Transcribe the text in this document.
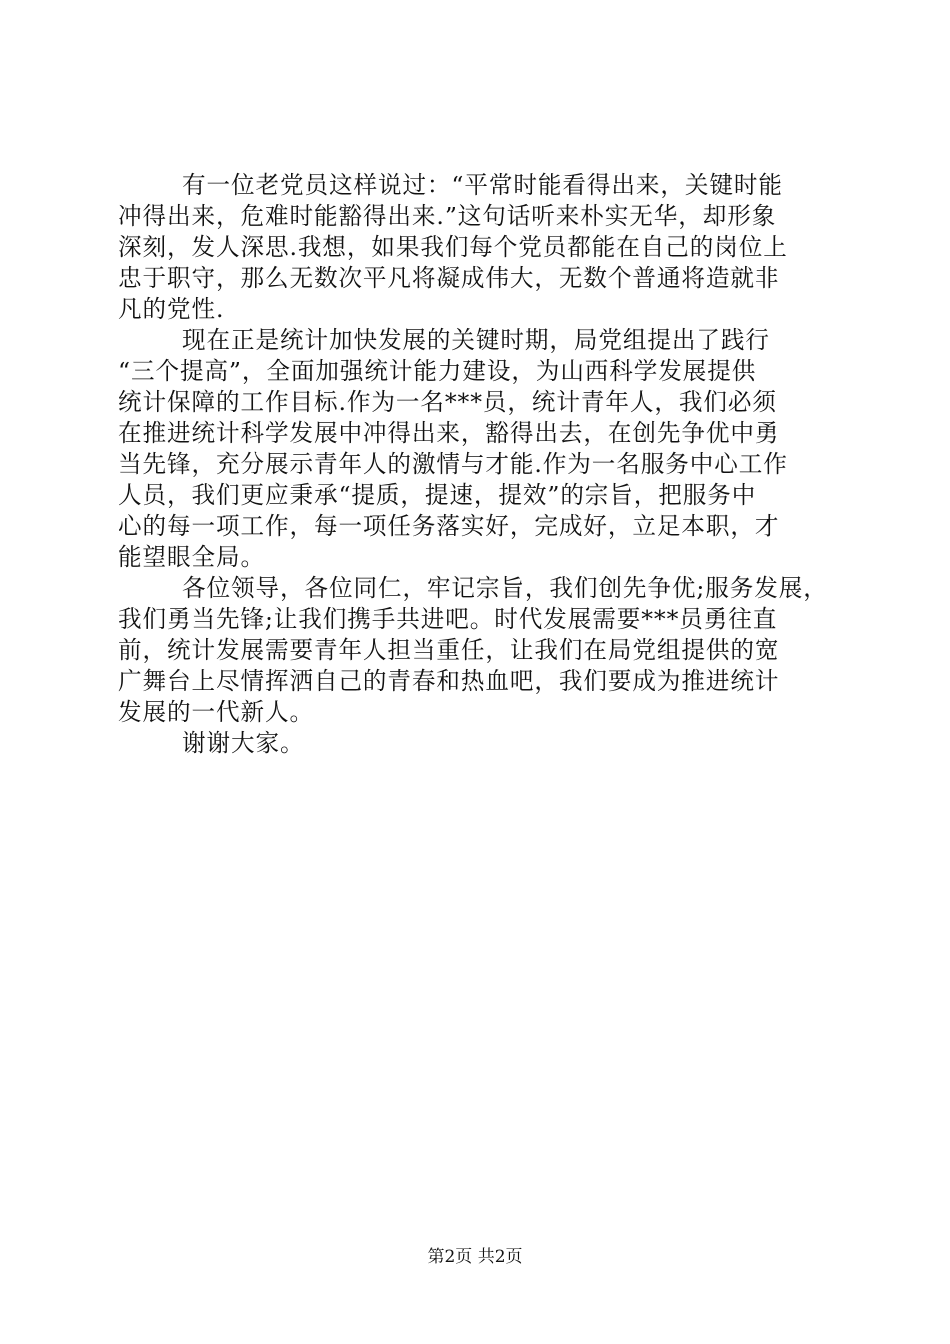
有一位老党员这样说过：“平常时能看得出来，关键时能
冲得出来，危难时能豁得出来.”这句话听来朴实无华，却形象
深刻，发人深思.我想，如果我们每个党员都能在自己的岗位上
忠于职守，那么无数次平凡将凝成伟大，无数个普通将造就非
凡的党性.
现在正是统计加快发展的关键时期，局党组提出了践行
“三个提高”，全面加强统计能力建设，为山西科学发展提供
统计保障的工作目标.作为一名***员，统计青年人，我们必须
在推进统计科学发展中冲得出来，豁得出去，在创先争优中勇
当先锋，充分展示青年人的激情与才能.作为一名服务中心工作
人员，我们更应秉承“提质，提速，提效”的宗旨，把服务中
心的每一项工作，每一项任务落实好，完成好，立足本职，才
能望眼全局。
各位领导，各位同仁，牢记宗旨，我们创先争优;服务发展，
我们勇当先锋;让我们携手共进吧。时代发展需要***员勇往直
前，统计发展需要青年人担当重任，让我们在局党组提供的宽
广舞台上尽情挥洒自己的青春和热血吧，我们要成为推进统计
发展的一代新人。
谢谢大家。
第2页 共2页
